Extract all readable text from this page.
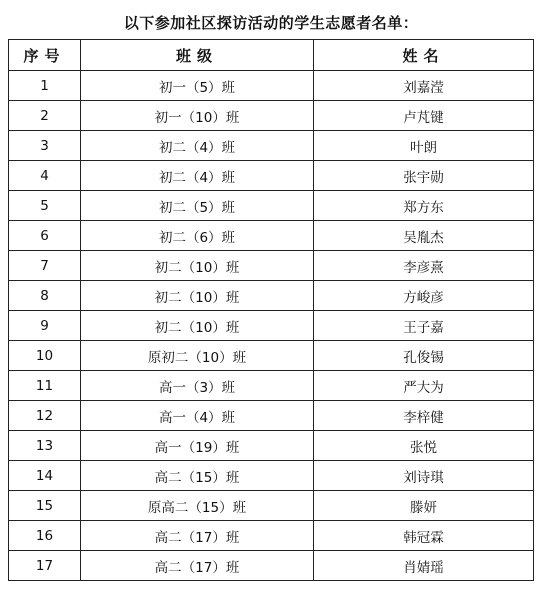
以下参加社区探访活动的学生志愿者名单：
序号	班级	姓名
1	初一（5）班	刘嘉滢
2	初一（10）班	卢芃键
3	初二（4）班	叶朗
4	初二（4）班	张宇勋
5	初二（5）班	郑方东
6	初二（6）班	吴胤杰
7	初二（10）班	李彦熹
8	初二（10）班	方峻彦
9	初二（10）班	王子嘉
10	原初二（10）班	孔俊锡
11	高一（3）班	严大为
12	高一（4）班	李梓健
13	高一（19）班	张悦
14	高二（15）班	刘诗琪
15	原高二（15）班	滕妍
16	高二（17）班	韩冠霖
17	高二（17）班	肖婧瑶
